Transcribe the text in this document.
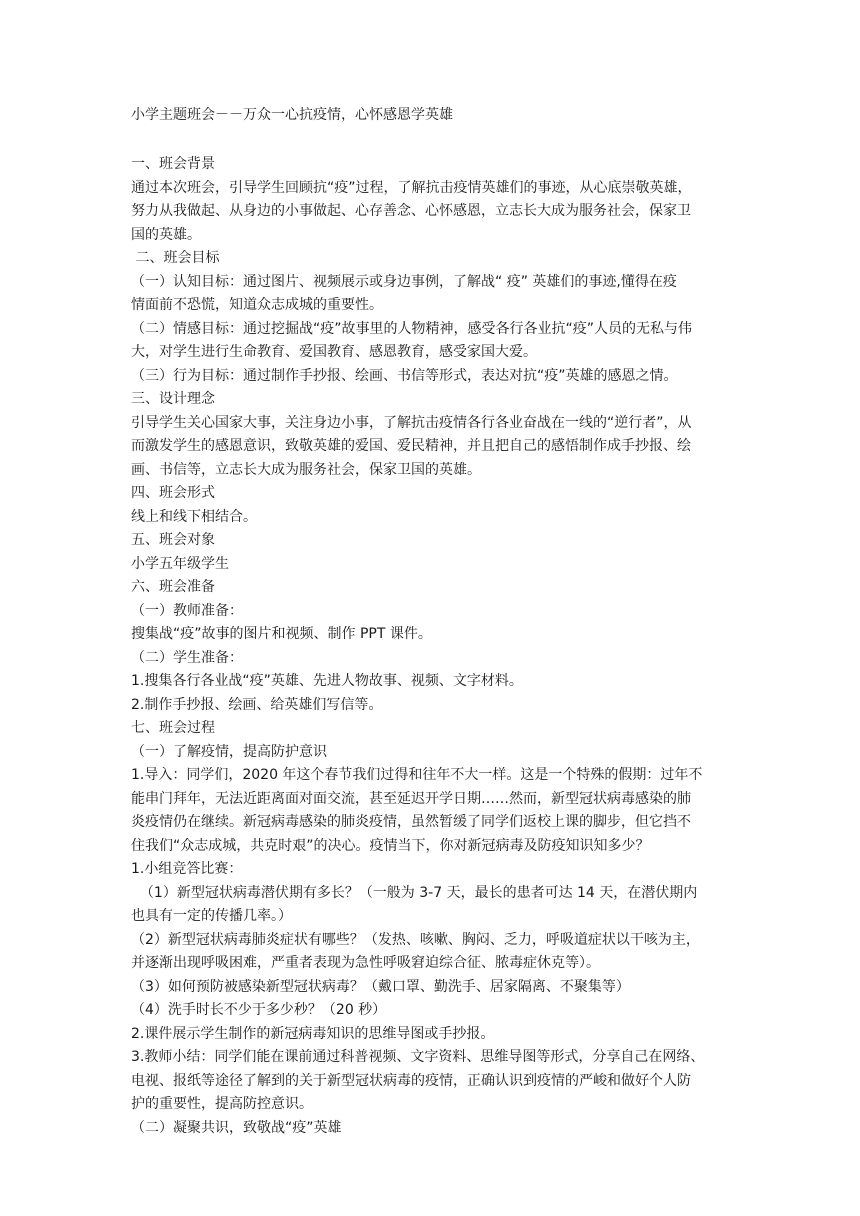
小学主题班会－－万众一心抗疫情，心怀感恩学英雄

一、班会背景

通过本次班会，引导学生回顾抗“疫”过程，了解抗击疫情英雄们的事迹，从心底崇敬英雄，

努力从我做起、从身边的小事做起、心存善念、心怀感恩，立志长大成为服务社会，保家卫

国的英雄。

二、班会目标

（一）认知目标：通过图片、视频展示或身边事例，了解战“ 疫” 英雄们的事迹,懂得在疫

情面前不恐慌，知道众志成城的重要性。

（二）情感目标：通过挖掘战“疫”故事里的人物精神，感受各行各业抗“疫”人员的无私与伟

大，对学生进行生命教育、爱国教育、感恩教育，感受家国大爱。

（三）行为目标：通过制作手抄报、绘画、书信等形式，表达对抗“疫”英雄的感恩之情。

三、设计理念

引导学生关心国家大事，关注身边小事，了解抗击疫情各行各业奋战在一线的“逆行者”，从

而激发学生的感恩意识，致敬英雄的爱国、爱民精神，并且把自己的感悟制作成手抄报、绘

画、书信等，立志长大成为服务社会，保家卫国的英雄。

四、班会形式

线上和线下相结合。

五、班会对象

小学五年级学生

六、班会准备

（一）教师准备：

搜集战“疫”故事的图片和视频、制作 PPT 课件。

（二）学生准备：

1.搜集各行各业战“疫”英雄、先进人物故事、视频、文字材料。

2.制作手抄报、绘画、给英雄们写信等。

七、班会过程

（一）了解疫情，提高防护意识

1.导入：同学们，2020 年这个春节我们过得和往年不大一样。这是一个特殊的假期：过年不

能串门拜年，无法近距离面对面交流，甚至延迟开学日期……然而，新型冠状病毒感染的肺

炎疫情仍在继续。新冠病毒感染的肺炎疫情，虽然暂缓了同学们返校上课的脚步，但它挡不

住我们“众志成城，共克时艰”的决心。疫情当下，你对新冠病毒及防疫知识知多少？

1.小组竞答比赛：

（1）新型冠状病毒潜伏期有多长？（一般为 3-7 天，最长的患者可达 14 天，在潜伏期内

也具有一定的传播几率。）

（2）新型冠状病毒肺炎症状有哪些？（发热、咳嗽、胸闷、乏力，呼吸道症状以干咳为主，

并逐渐出现呼吸困难，严重者表现为急性呼吸窘迫综合征、脓毒症休克等）。

（3）如何预防被感染新型冠状病毒？（戴口罩、勤洗手、居家隔离、不聚集等）

（4）洗手时长不少于多少秒？（20 秒）

2.课件展示学生制作的新冠病毒知识的思维导图或手抄报。

3.教师小结：同学们能在课前通过科普视频、文字资料、思维导图等形式，分享自己在网络、

电视、报纸等途径了解到的关于新型冠状病毒的疫情，正确认识到疫情的严峻和做好个人防

护的重要性，提高防控意识。

（二）凝聚共识，致敬战“疫”英雄
